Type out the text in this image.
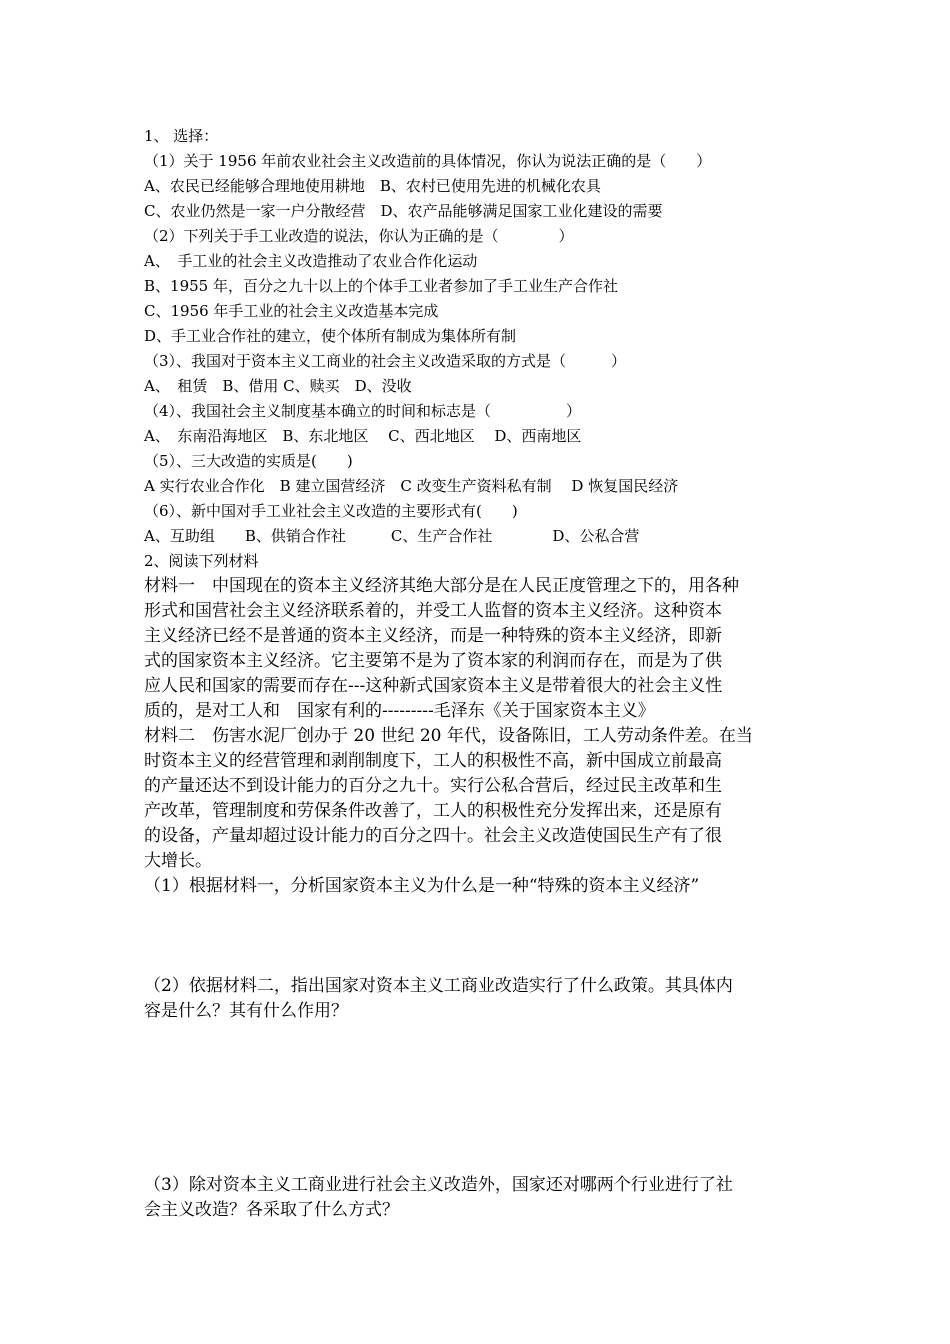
1、 选择：
（1）关于 1956 年前农业社会主义改造前的具体情况，你认为说法正确的是（　　）
A、农民已经能够合理地使用耕地　B、农村已使用先进的机械化农具
C、农业仍然是一家一户分散经营　D、农产品能够满足国家工业化建设的需要
（2）下列关于手工业改造的说法，你认为正确的是（　　　　）
A、　手工业的社会主义改造推动了农业合作化运动
B、1955 年，百分之九十以上的个体手工业者参加了手工业生产合作社
C、1956 年手工业的社会主义改造基本完成
D、手工业合作社的建立，使个体所有制成为集体所有制
（3）、我国对于资本主义工商业的社会主义改造采取的方式是（　　　）
A、　租赁　B、借用 C、赎买　D、没收
（4）、我国社会主义制度基本确立的时间和标志是（　　　　　）
A、　东南沿海地区　B、东北地区　 C、西北地区　 D、西南地区
（5）、三大改造的实质是(　　)
A 实行农业合作化　B 建立国营经济　C 改变生产资料私有制　 D 恢复国民经济
（6）、新中国对手工业社会主义改造的主要形式有(　　)
A、互助组　　B、供销合作社　　　C、生产合作社　　　　D、公私合营
2、阅读下列材料
材料一　中国现在的资本主义经济其绝大部分是在人民正度管理之下的，用各种
形式和国营社会主义经济联系着的，并受工人监督的资本主义经济。这种资本
主义经济已经不是普通的资本主义经济，而是一种特殊的资本主义经济，即新
式的国家资本主义经济。它主要第不是为了资本家的利润而存在，而是为了供
应人民和国家的需要而存在---这种新式国家资本主义是带着很大的社会主义性
质的，是对工人和　国家有利的---------毛泽东《关于国家资本主义》
材料二　伤害水泥厂创办于 20 世纪 20 年代，设备陈旧，工人劳动条件差。在当
时资本主义的经营管理和剥削制度下，工人的积极性不高，新中国成立前最高
的产量还达不到设计能力的百分之九十。实行公私合营后，经过民主改革和生
产改革，管理制度和劳保条件改善了，工人的积极性充分发挥出来，还是原有
的设备，产量却超过设计能力的百分之四十。社会主义改造使国民生产有了很
大增长。
（1）根据材料一，分析国家资本主义为什么是一种“特殊的资本主义经济”
（2）依据材料二，指出国家对资本主义工商业改造实行了什么政策。其具体内
容是什么？其有什么作用？
（3）除对资本主义工商业进行社会主义改造外，国家还对哪两个行业进行了社
会主义改造？各采取了什么方式？
